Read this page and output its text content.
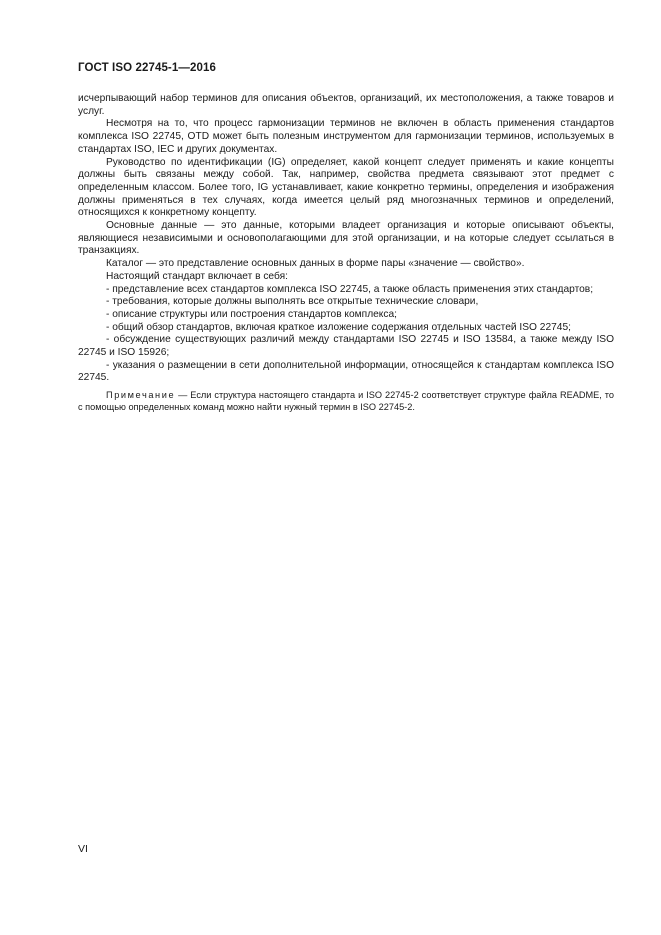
ГОСТ ISO 22745-1—2016

исчерпывающий набор терминов для описания объектов, организаций, их местоположения, а также товаров и услуг.

Несмотря на то, что процесс гармонизации терминов не включен в область применения стандартов комплекса ISO 22745, OTD может быть полезным инструментом для гармонизации терминов, используемых в стандартах ISO, IEC и других документах.

Руководство по идентификации (IG) определяет, какой концепт следует применять и какие концепты должны быть связаны между собой. Так, например, свойства предмета связывают этот предмет с определенным классом. Более того, IG устанавливает, какие конкретно термины, определения и изображения должны применяться в тех случаях, когда имеется целый ряд многозначных терминов и определений, относящихся к конкретному концепту.

Основные данные — это данные, которыми владеет организация и которые описывают объекты, являющиеся независимыми и основополагающими для этой организации, и на которые следует ссылаться в транзакциях.

Каталог — это представление основных данных в форме пары «значение — свойство».

Настоящий стандарт включает в себя:

- представление всех стандартов комплекса ISO 22745, а также область применения этих стандартов;

- требования, которые должны выполнять все открытые технические словари,

- описание структуры или построения стандартов комплекса;

- общий обзор стандартов, включая краткое изложение содержания отдельных частей ISO 22745;

- обсуждение существующих различий между стандартами ISO 22745 и ISO 13584, а также между ISO 22745 и ISO 15926;

- указания о размещении в сети дополнительной информации, относящейся к стандартам комплекса ISO 22745.

Примечание — Если структура настоящего стандарта и ISO 22745-2 соответствует структуре файла README, то с помощью определенных команд можно найти нужный термин в ISO 22745-2.

VI
